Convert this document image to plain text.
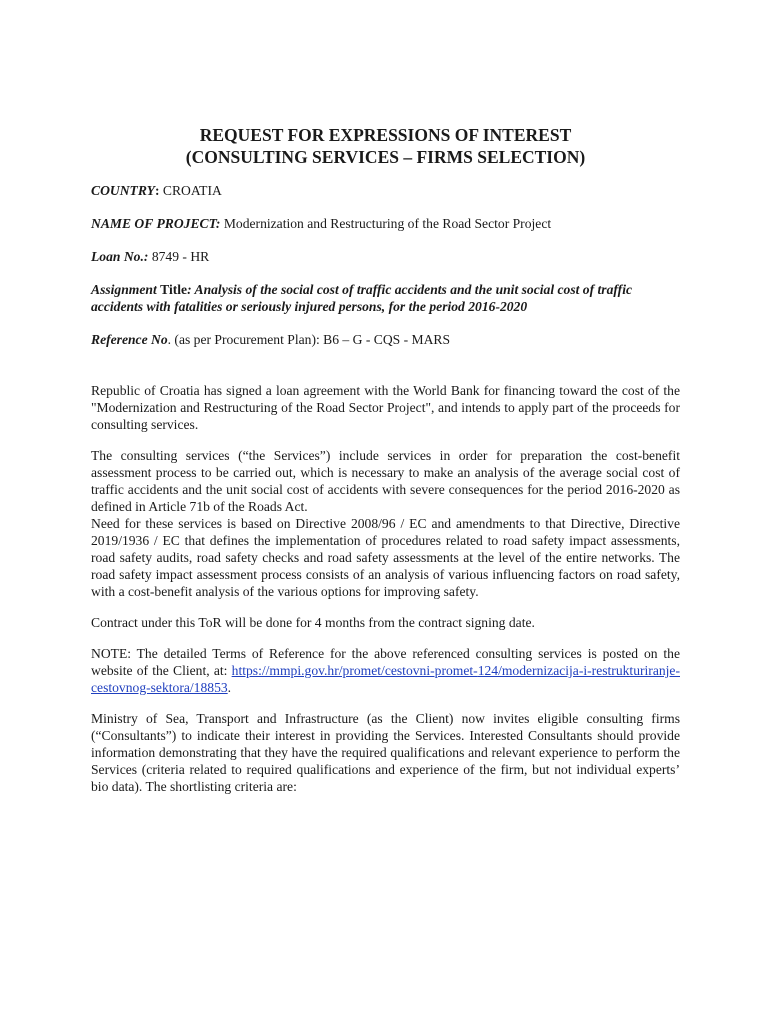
REQUEST FOR EXPRESSIONS OF INTEREST
(CONSULTING SERVICES – FIRMS SELECTION)
COUNTRY: CROATIA
NAME OF PROJECT: Modernization and Restructuring of the Road Sector Project
Loan No.: 8749 - HR
Assignment Title: Analysis of the social cost of traffic accidents and the unit social cost of traffic accidents with fatalities or seriously injured persons, for the period 2016-2020
Reference No. (as per Procurement Plan): B6 – G - CQS - MARS

Republic of Croatia has signed a loan agreement with the World Bank for financing toward the cost of the "Modernization and Restructuring of the Road Sector Project", and intends to apply part of the proceeds for consulting services.

The consulting services (“the Services”) include services in order for preparation the cost-benefit assessment process to be carried out, which is necessary to make an analysis of the average social cost of traffic accidents and the unit social cost of accidents with severe consequences for the period 2016-2020 as defined in Article 71b of the Roads Act.

Need for these services is based on Directive 2008/96 / EC and amendments to that Directive, Directive 2019/1936 / EC that defines the implementation of procedures related to road safety impact assessments, road safety audits, road safety checks and road safety assessments at the level of the entire networks. The road safety impact assessment process consists of an analysis of various influencing factors on road safety, with a cost-benefit analysis of the various options for improving safety.

Contract under this ToR will be done for 4 months from the contract signing date.

NOTE: The detailed Terms of Reference for the above referenced consulting services is posted on the website of the Client, at: https://mmpi.gov.hr/promet/cestovni-promet-124/modernizacija-i-restrukturiranje-cestovnog-sektora/18853.

Ministry of Sea, Transport and Infrastructure (as the Client) now invites eligible consulting firms (“Consultants”) to indicate their interest in providing the Services. Interested Consultants should provide information demonstrating that they have the required qualifications and relevant experience to perform the Services (criteria related to required qualifications and experience of the firm, but not individual experts’ bio data). The shortlisting criteria are:
